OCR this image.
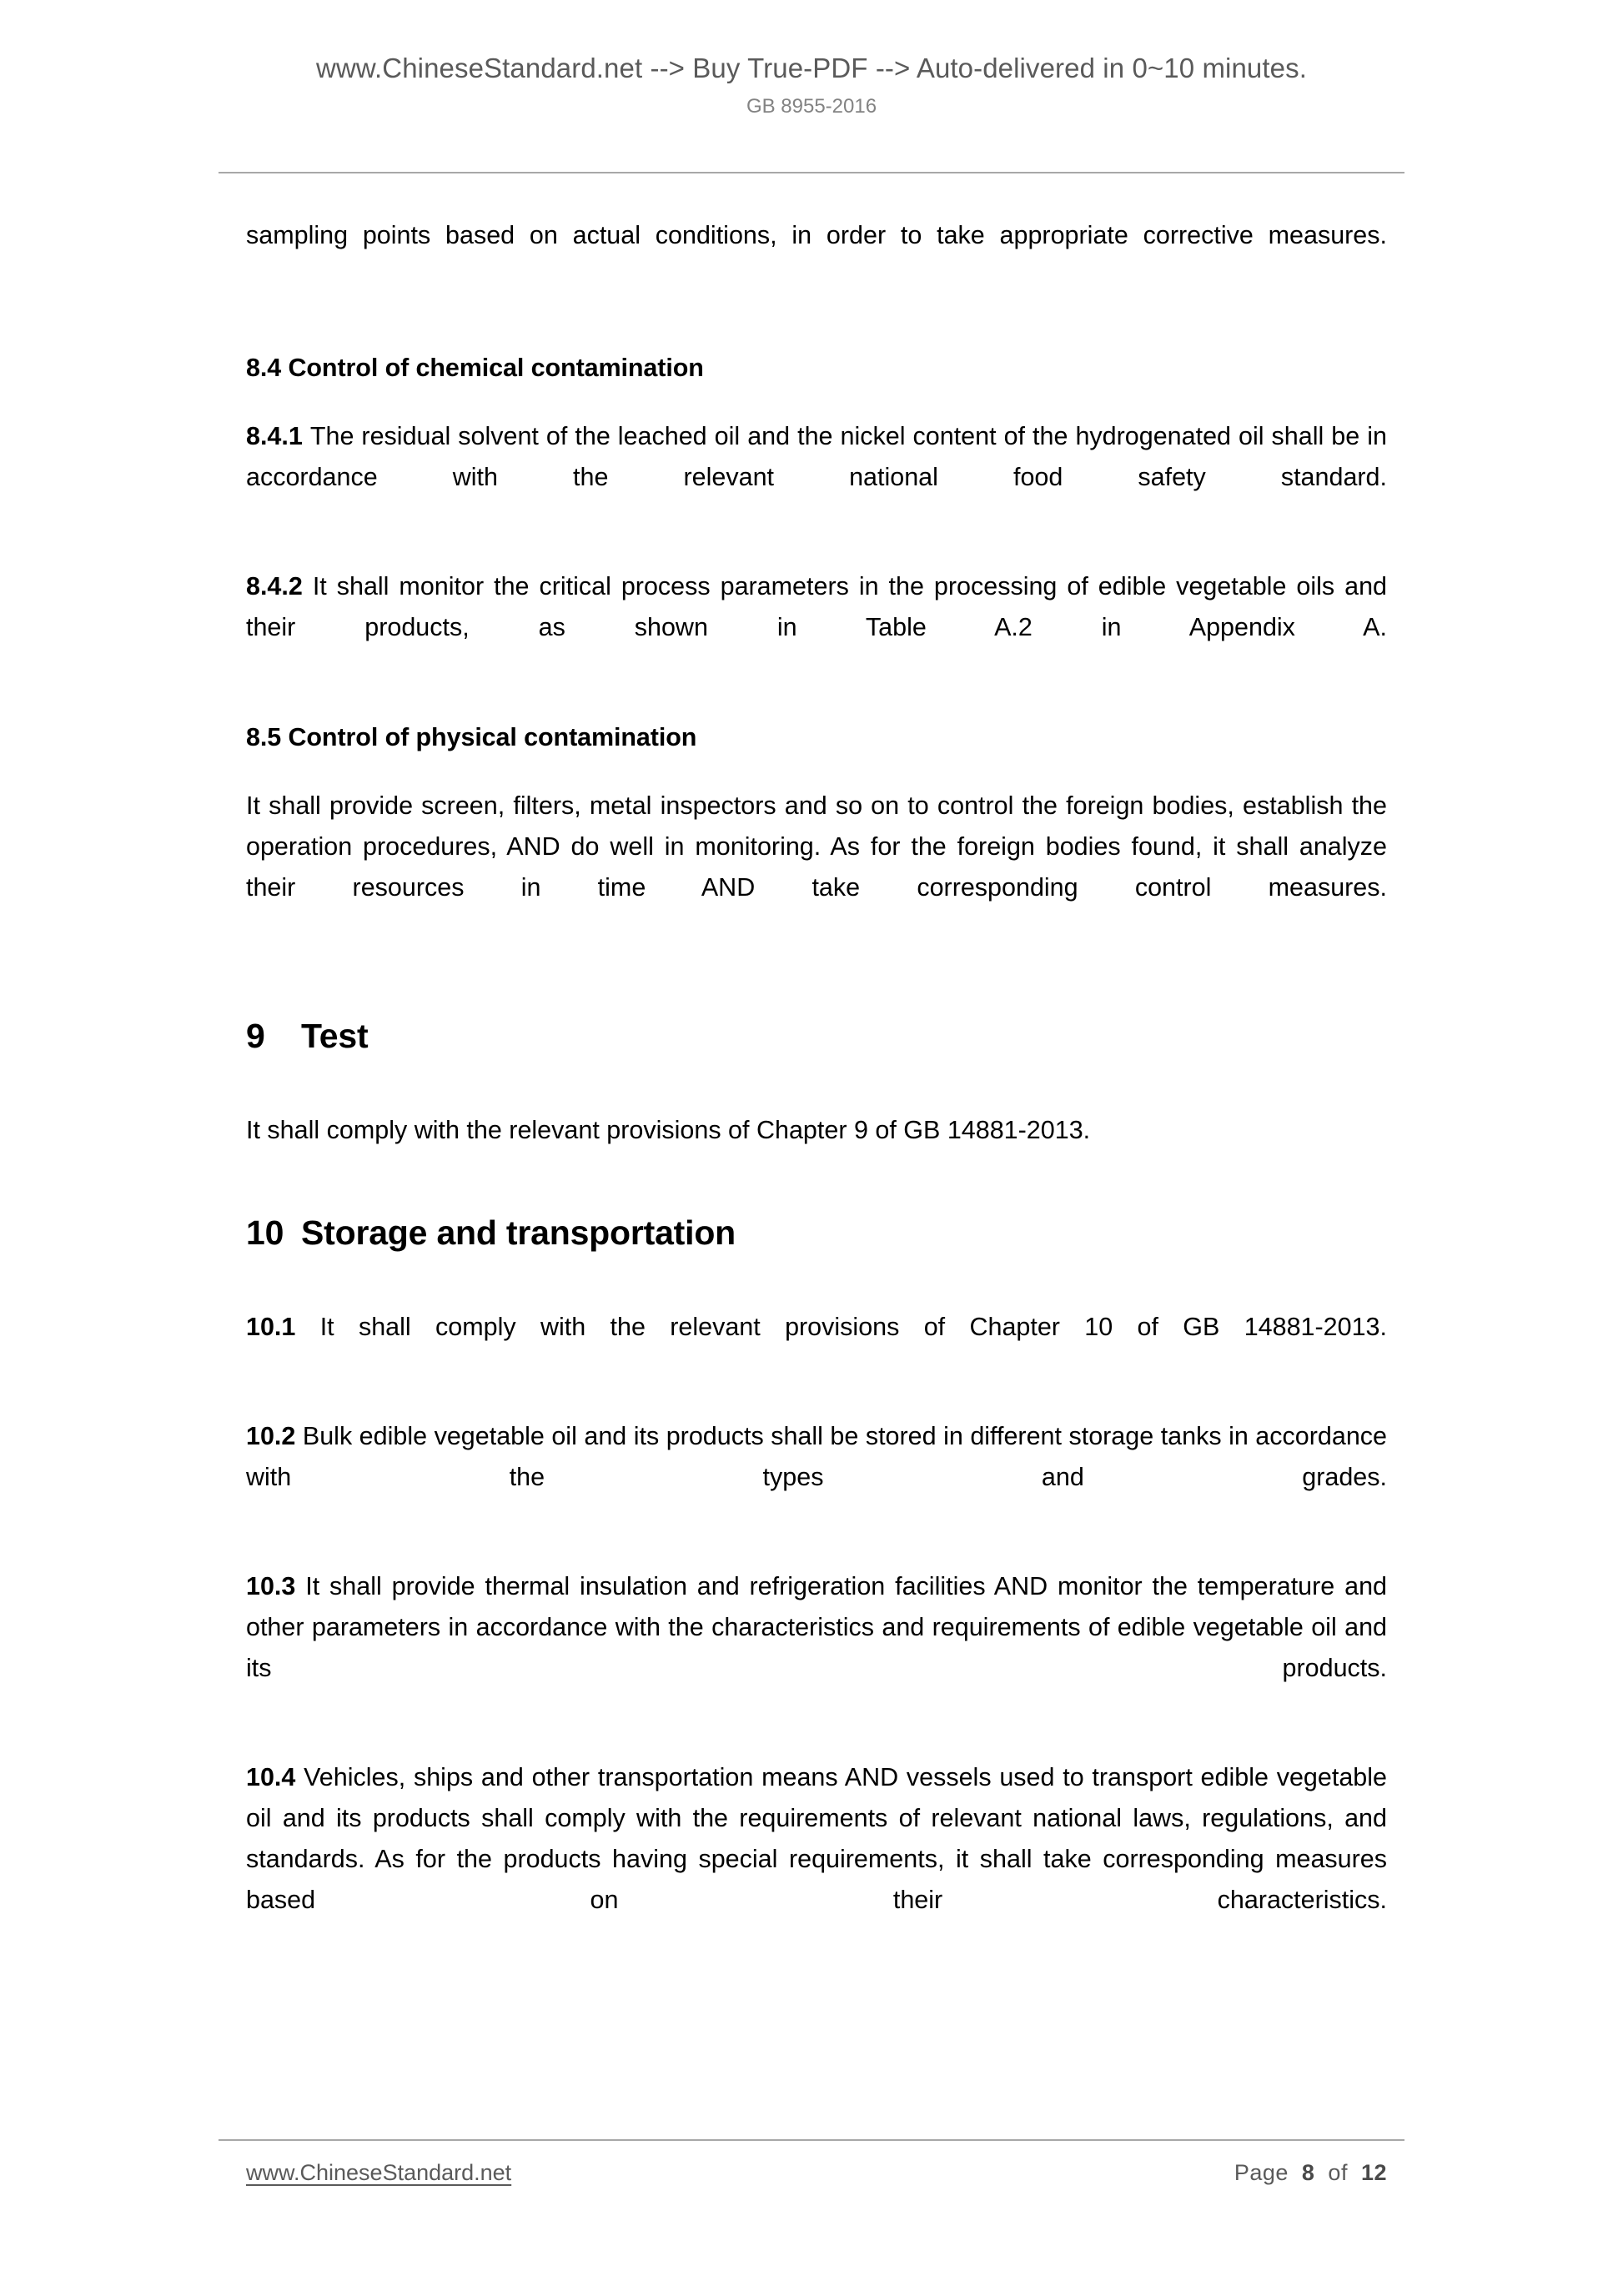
www.ChineseStandard.net --> Buy True-PDF --> Auto-delivered in 0~10 minutes.
GB 8955-2016

sampling points based on actual conditions, in order to take appropriate corrective measures.

8.4 Control of chemical contamination

8.4.1 The residual solvent of the leached oil and the nickel content of the hydrogenated oil shall be in accordance with the relevant national food safety standard.

8.4.2 It shall monitor the critical process parameters in the processing of edible vegetable oils and their products, as shown in Table A.2 in Appendix A.

8.5 Control of physical contamination

It shall provide screen, filters, metal inspectors and so on to control the foreign bodies, establish the operation procedures, AND do well in monitoring. As for the foreign bodies found, it shall analyze their resources in time AND take corresponding control measures.

9 Test

It shall comply with the relevant provisions of Chapter 9 of GB 14881-2013.

10 Storage and transportation

10.1 It shall comply with the relevant provisions of Chapter 10 of GB 14881-2013.

10.2 Bulk edible vegetable oil and its products shall be stored in different storage tanks in accordance with the types and grades.

10.3 It shall provide thermal insulation and refrigeration facilities AND monitor the temperature and other parameters in accordance with the characteristics and requirements of edible vegetable oil and its products.

10.4 Vehicles, ships and other transportation means AND vessels used to transport edible vegetable oil and its products shall comply with the requirements of relevant national laws, regulations, and standards. As for the products having special requirements, it shall take corresponding measures based on their characteristics.

www.ChineseStandard.net	Page  8  of  12
